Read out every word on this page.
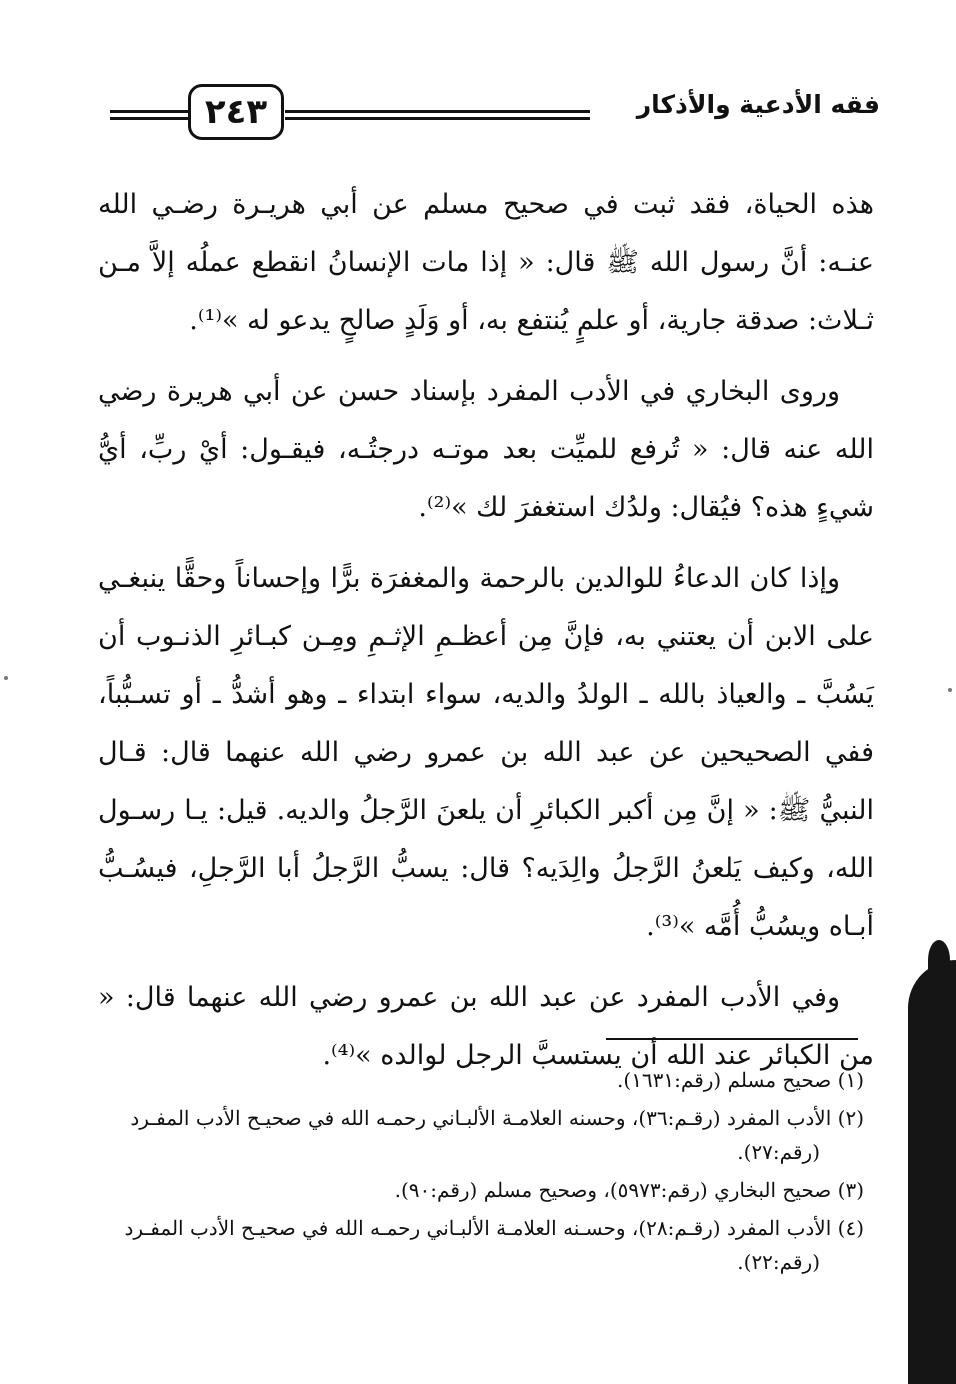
٢٤٣	فقه الأدعية والأذكار

هذه الحياة، فقد ثبت في صحيح مسلم عن أبي هريـرة رضـي الله عنـه: أنَّ رسول الله ﷺ قال: « إذا مات الإنسانُ انقطع عملُه إلاَّ مـن ثـلاث: صدقة جارية، أو علمٍ يُنتفع به، أو وَلَدٍ صالحٍ يدعو له »⁽¹⁾.

وروى البخاري في الأدب المفرد بإسناد حسن عن أبي هريرة رضي الله عنه قال: « تُرفع للميِّت بعد موتـه درجتُـه، فيقـول: أيْ ربِّ، أيُّ شيءٍ هذه؟ فيُقال: ولدُك استغفرَ لك »⁽²⁾.

وإذا كان الدعاءُ للوالدين بالرحمة والمغفرَة برًّا وإحساناً وحقًّا ينبغـي على الابن أن يعتني به، فإنَّ مِن أعظـمِ الإثـمِ ومِـن كبـائرِ الذنـوب أن يَسُبَّ ـ والعياذ بالله ـ الولدُ والديه، سواء ابتداء ـ وهو أشدُّ ـ أو تسـبُّباً، ففي الصحيحين عن عبد الله بن عمرو رضي الله عنهما قال: قـال النبيُّ ﷺ: « إنَّ مِن أكبر الكبائرِ أن يلعنَ الرَّجلُ والديه. قيل: يـا رسـول الله، وكيف يَلعنُ الرَّجلُ والِدَيه؟ قال: يسبُّ الرَّجلُ أبا الرَّجلِ، فيسُـبُّ أبـاه ويسُبُّ أُمَّه »⁽³⁾.

وفي الأدب المفرد عن عبد الله بن عمرو رضي الله عنهما قال: « من الكبائر عند الله أن يستسبَّ الرجل لوالده »⁽⁴⁾.

(١) صحيح مسلم (رقم:١٦٣١).

(٢) الأدب المفرد (رقـم:٣٦)، وحسنه العلامـة الألبـاني رحمـه الله في صحيـح الأدب المفـرد
(رقم:٢٧).

(٣) صحيح البخاري (رقم:٥٩٧٣)، وصحيح مسلم (رقم:٩٠).

(٤) الأدب المفرد (رقـم:٢٨)، وحسـنه العلامـة الألبـاني رحمـه الله في صحيـح الأدب المفـرد
(رقم:٢٢).
